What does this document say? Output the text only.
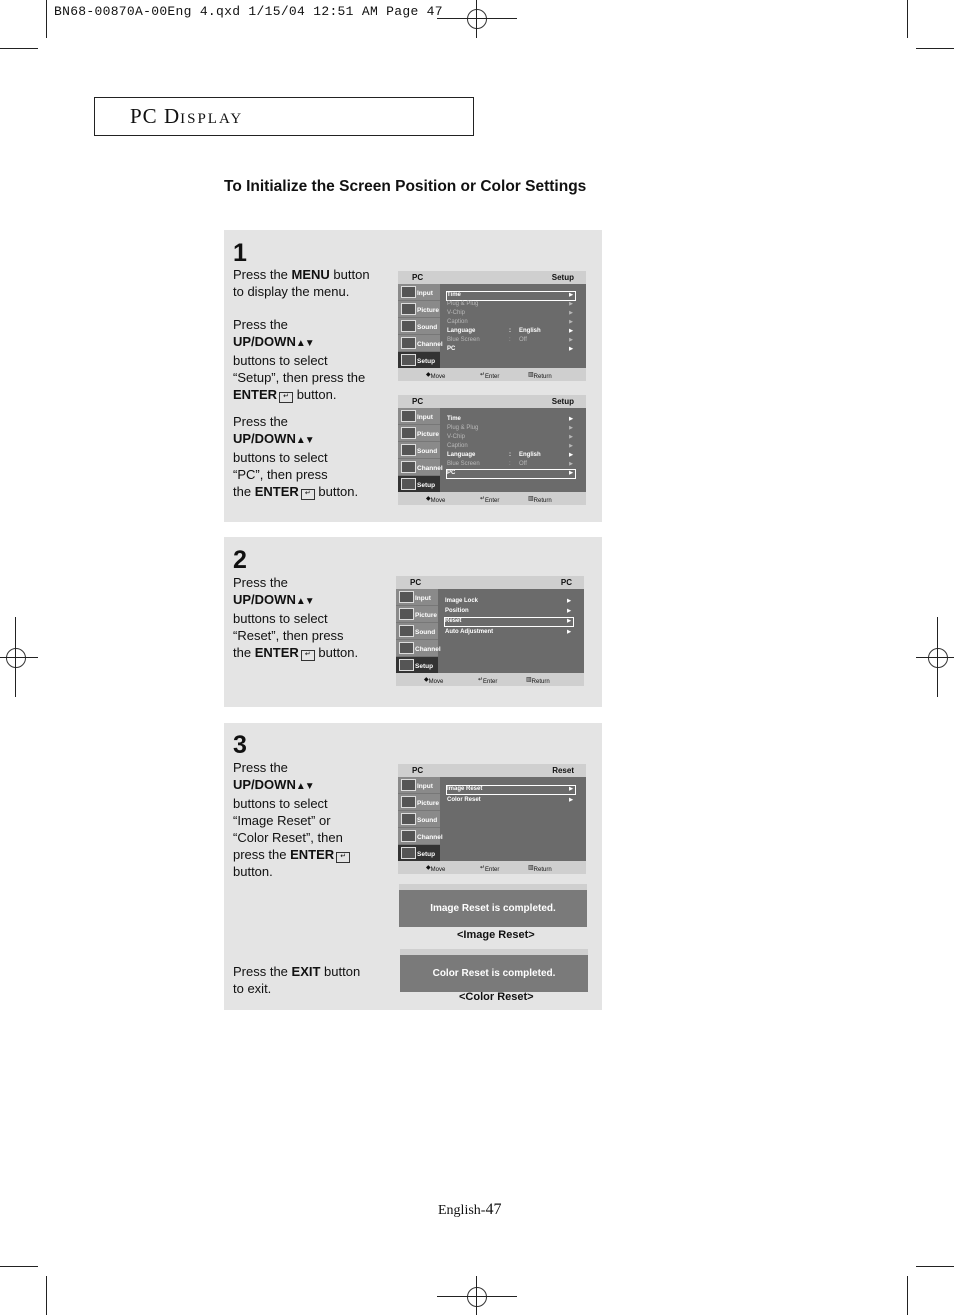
BN68-00870A-00Eng 4.qxd 1/15/04 12:51 AM Page 47
PC DISPLAY
To Initialize the Screen Position or Color Settings
1
Press the MENU button
to display the menu.
Press the
UP/DOWN▲▼
buttons to select
“Setup”, then press the
ENTER ↵ button.
Press the
UP/DOWN▲▼
buttons to select
“PC”, then press
the ENTER ↵ button.
PC	Setup
Input
Picture
Sound
Channel
Setup
Time	▶
Plug & Plug	▶
V-Chip	▶
Caption	▶
Language	: English	▶
Blue Screen	: Off	▶
PC	▶
◆ Move	↵ Enter	▥ Return
PC	Setup
Input
Picture
Sound
Channel
Setup
Time	▶
Plug & Plug	▶
V-Chip	▶
Caption	▶
Language	: English	▶
Blue Screen	: Off	▶
PC	▶
◆ Move	↵ Enter	▥ Return
2
Press the
UP/DOWN▲▼
buttons to select
“Reset”, then press
the ENTER ↵ button.
PC	PC
Input
Picture
Sound
Channel
Setup
Image Lock	▶
Position	▶
Reset	▶
Auto Adjustment	▶
◆ Move	↵ Enter	▥ Return
3
Press the
UP/DOWN▲▼
buttons to select
“Image Reset” or
“Color Reset”, then
press the ENTER ↵
button.
Press the EXIT button
to exit.
PC	Reset
Input
Picture
Sound
Channel
Setup
Image Reset	▶
Color Reset	▶
◆ Move	↵ Enter	▥ Return
Image Reset is completed.
<Image Reset>
Color Reset is completed.
<Color Reset>
English-47
